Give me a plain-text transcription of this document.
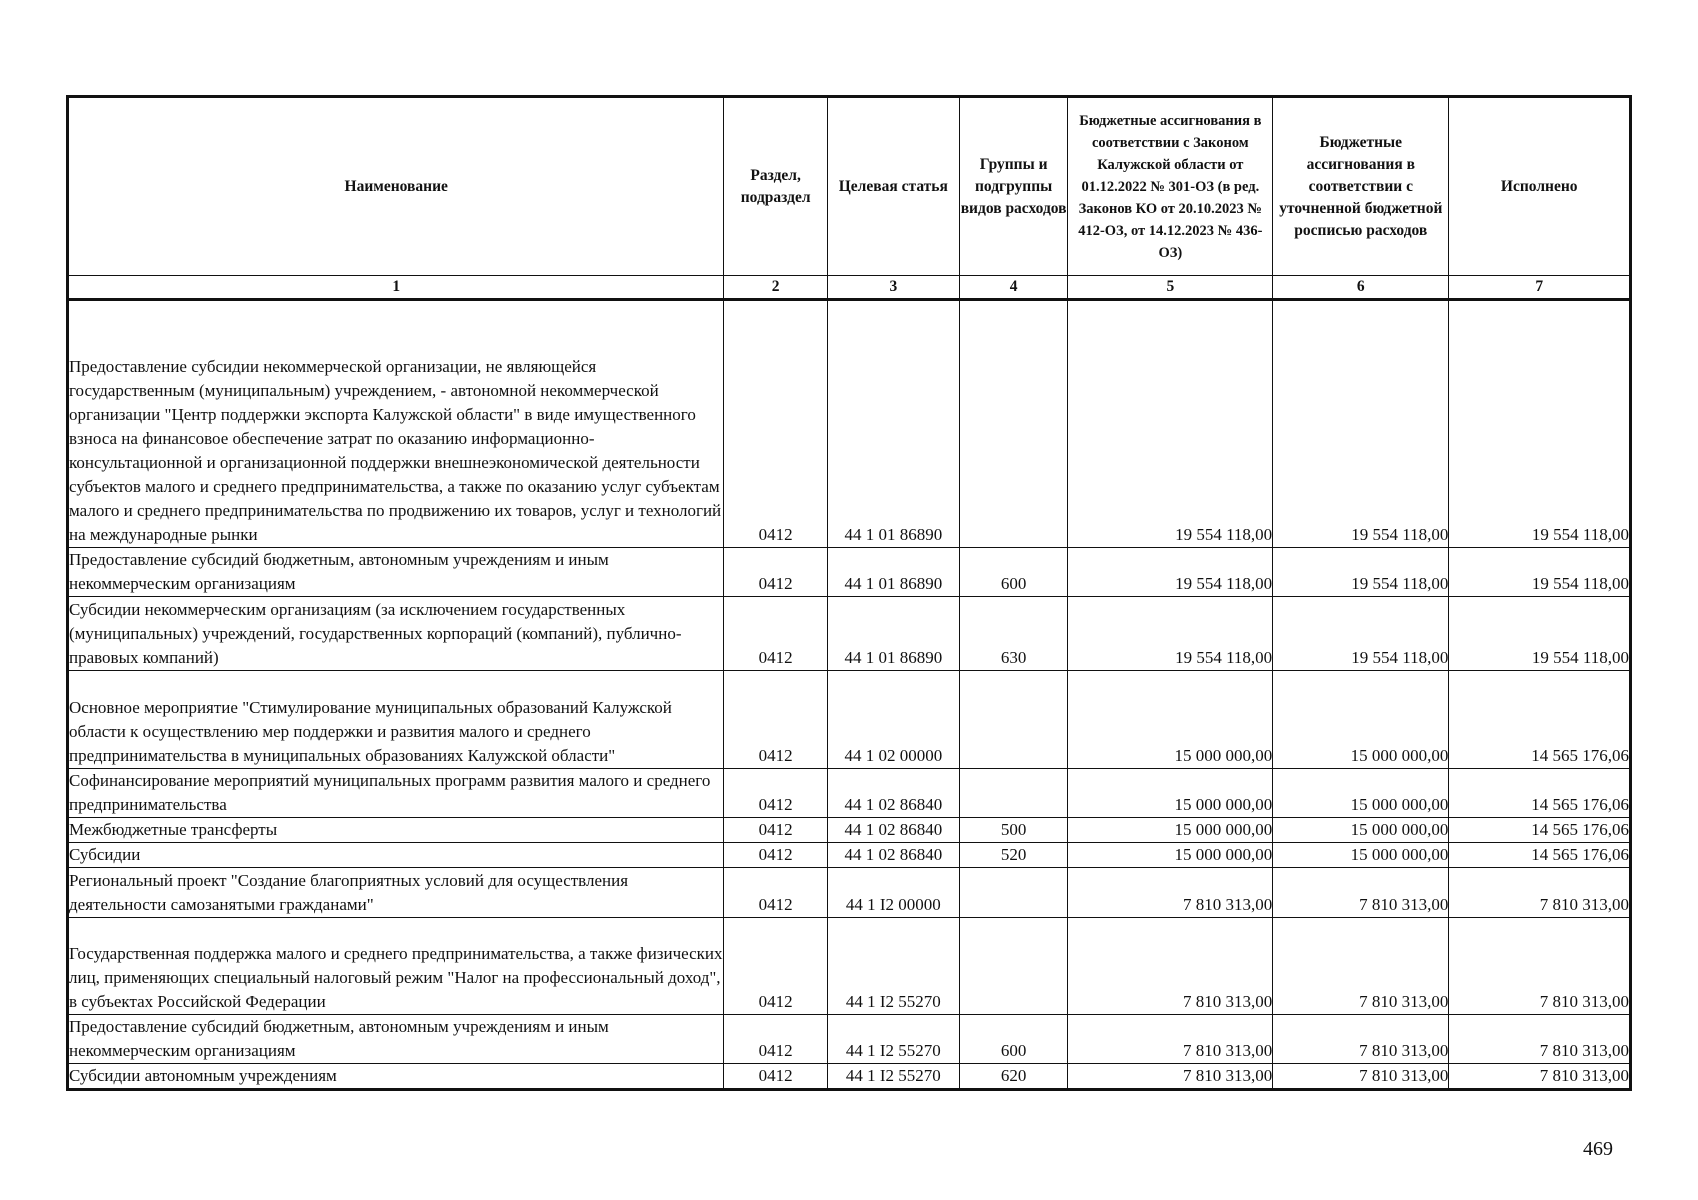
Наименование	Раздел, подраздел	Целевая статья	Группы и подгруппы видов расходов	Бюджетные ассигнования в соответствии с Законом Калужской области от 01.12.2022 № 301-ОЗ (в ред. Законов КО от 20.10.2023 № 412-ОЗ, от 14.12.2023 № 436-ОЗ)	Бюджетные ассигнования в соответствии с уточненной бюджетной росписью расходов	Исполнено
1	2	3	4	5	6	7
Предоставление субсидии некоммерческой организации, не являющейся государственным (муниципальным) учреждением, - автономной некоммерческой организации "Центр поддержки экспорта Калужской области" в виде имущественного взноса на финансовое обеспечение затрат по оказанию информационно-консультационной и организационной поддержки внешнеэкономической деятельности субъектов малого и среднего предпринимательства, а также по оказанию услуг субъектам малого и среднего предпринимательства по продвижению их товаров, услуг и технологий на международные рынки	0412	44 1 01 86890		19 554 118,00	19 554 118,00	19 554 118,00
Предоставление субсидий бюджетным, автономным учреждениям и иным некоммерческим организациям	0412	44 1 01 86890	600	19 554 118,00	19 554 118,00	19 554 118,00
Субсидии некоммерческим организациям (за исключением государственных (муниципальных) учреждений, государственных корпораций (компаний), публично-правовых компаний)	0412	44 1 01 86890	630	19 554 118,00	19 554 118,00	19 554 118,00
Основное мероприятие "Стимулирование муниципальных образований Калужской области к осуществлению мер поддержки и развития малого и среднего предпринимательства в муниципальных образованиях Калужской области"	0412	44 1 02 00000		15 000 000,00	15 000 000,00	14 565 176,06
Софинансирование мероприятий муниципальных программ развития малого и среднего предпринимательства	0412	44 1 02 86840		15 000 000,00	15 000 000,00	14 565 176,06
Межбюджетные трансферты	0412	44 1 02 86840	500	15 000 000,00	15 000 000,00	14 565 176,06
Субсидии	0412	44 1 02 86840	520	15 000 000,00	15 000 000,00	14 565 176,06
Региональный проект "Создание благоприятных условий для осуществления деятельности самозанятыми гражданами"	0412	44 1 I2 00000		7 810 313,00	7 810 313,00	7 810 313,00
Государственная поддержка малого и среднего предпринимательства, а также физических лиц, применяющих специальный налоговый режим "Налог на профессиональный доход", в субъектах Российской Федерации	0412	44 1 I2 55270		7 810 313,00	7 810 313,00	7 810 313,00
Предоставление субсидий бюджетным, автономным учреждениям и иным некоммерческим организациям	0412	44 1 I2 55270	600	7 810 313,00	7 810 313,00	7 810 313,00
Субсидии автономным учреждениям	0412	44 1 I2 55270	620	7 810 313,00	7 810 313,00	7 810 313,00
469
